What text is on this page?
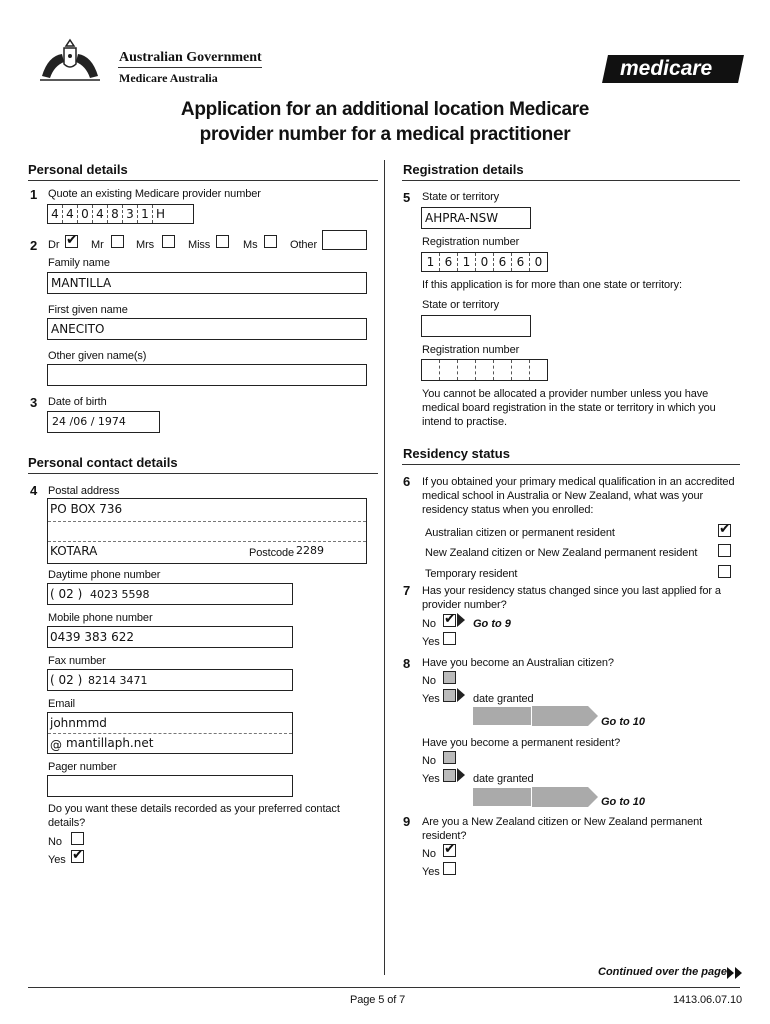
Australian Government
Medicare Australia	medicare
Application for an additional location Medicare
provider number for a medical practitioner
Personal details
1 Quote an existing Medicare provider number
4 4 0 4 8 3 1 H
2 Dr ✔ Mr	Mrs	Miss	Ms	Other
Family name
MANTILLA
First given name
ANECITO
Other given name(s)
3 Date of birth
24 /06 / 1974
Personal contact details
4 Postal address
PO BOX 736
KOTARA	Postcode 2289
Daytime phone number
( 02 ) 4023 5598
Mobile phone number
0439 383 622
Fax number
( 02 ) 8214 3471
Email
johnmmd
@ mantillaph.net
Pager number
Do you want these details recorded as your preferred contact details?
No
Yes ✔
Registration details
5 State or territory
AHPRA-NSW
Registration number
1 6 1 0 6 6 0
If this application is for more than one state or territory:
State or territory
Registration number
You cannot be allocated a provider number unless you have medical board registration in the state or territory in which you intend to practise.
Residency status
6 If you obtained your primary medical qualification in an accredited medical school in Australia or New Zealand, what was your residency status when you enrolled:
Australian citizen or permanent resident	✔
New Zealand citizen or New Zealand permanent resident
Temporary resident
7 Has your residency status changed since you last applied for a provider number?
No ✔ Go to 9
Yes
8 Have you become an Australian citizen?
No
Yes	date granted
Go to 10
Have you become a permanent resident?
No
Yes	date granted
Go to 10
9 Are you a New Zealand citizen or New Zealand permanent resident?
No ✔
Yes
Continued over the page
Page 5 of 7	1413.06.07.10
